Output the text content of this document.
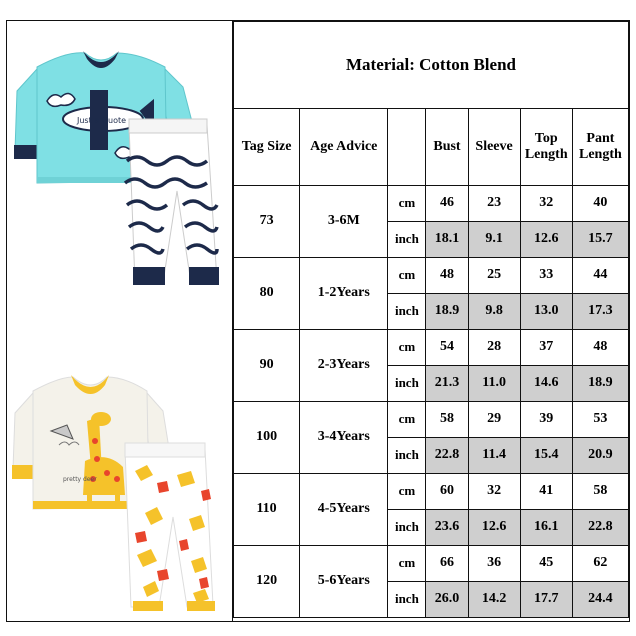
Just a Quote
pretty deer
Material: Cotton Blend						
Tag Size	Age Advice		Bust	Sleeve	Top Length	Pant Length
73	3-6M	cm	46	23	32	40
		inch	18.1	9.1	12.6	15.7
80	1-2Years	cm	48	25	33	44
		inch	18.9	9.8	13.0	17.3
90	2-3Years	cm	54	28	37	48
		inch	21.3	11.0	14.6	18.9
100	3-4Years	cm	58	29	39	53
		inch	22.8	11.4	15.4	20.9
110	4-5Years	cm	60	32	41	58
		inch	23.6	12.6	16.1	22.8
120	5-6Years	cm	66	36	45	62
		inch	26.0	14.2	17.7	24.4
